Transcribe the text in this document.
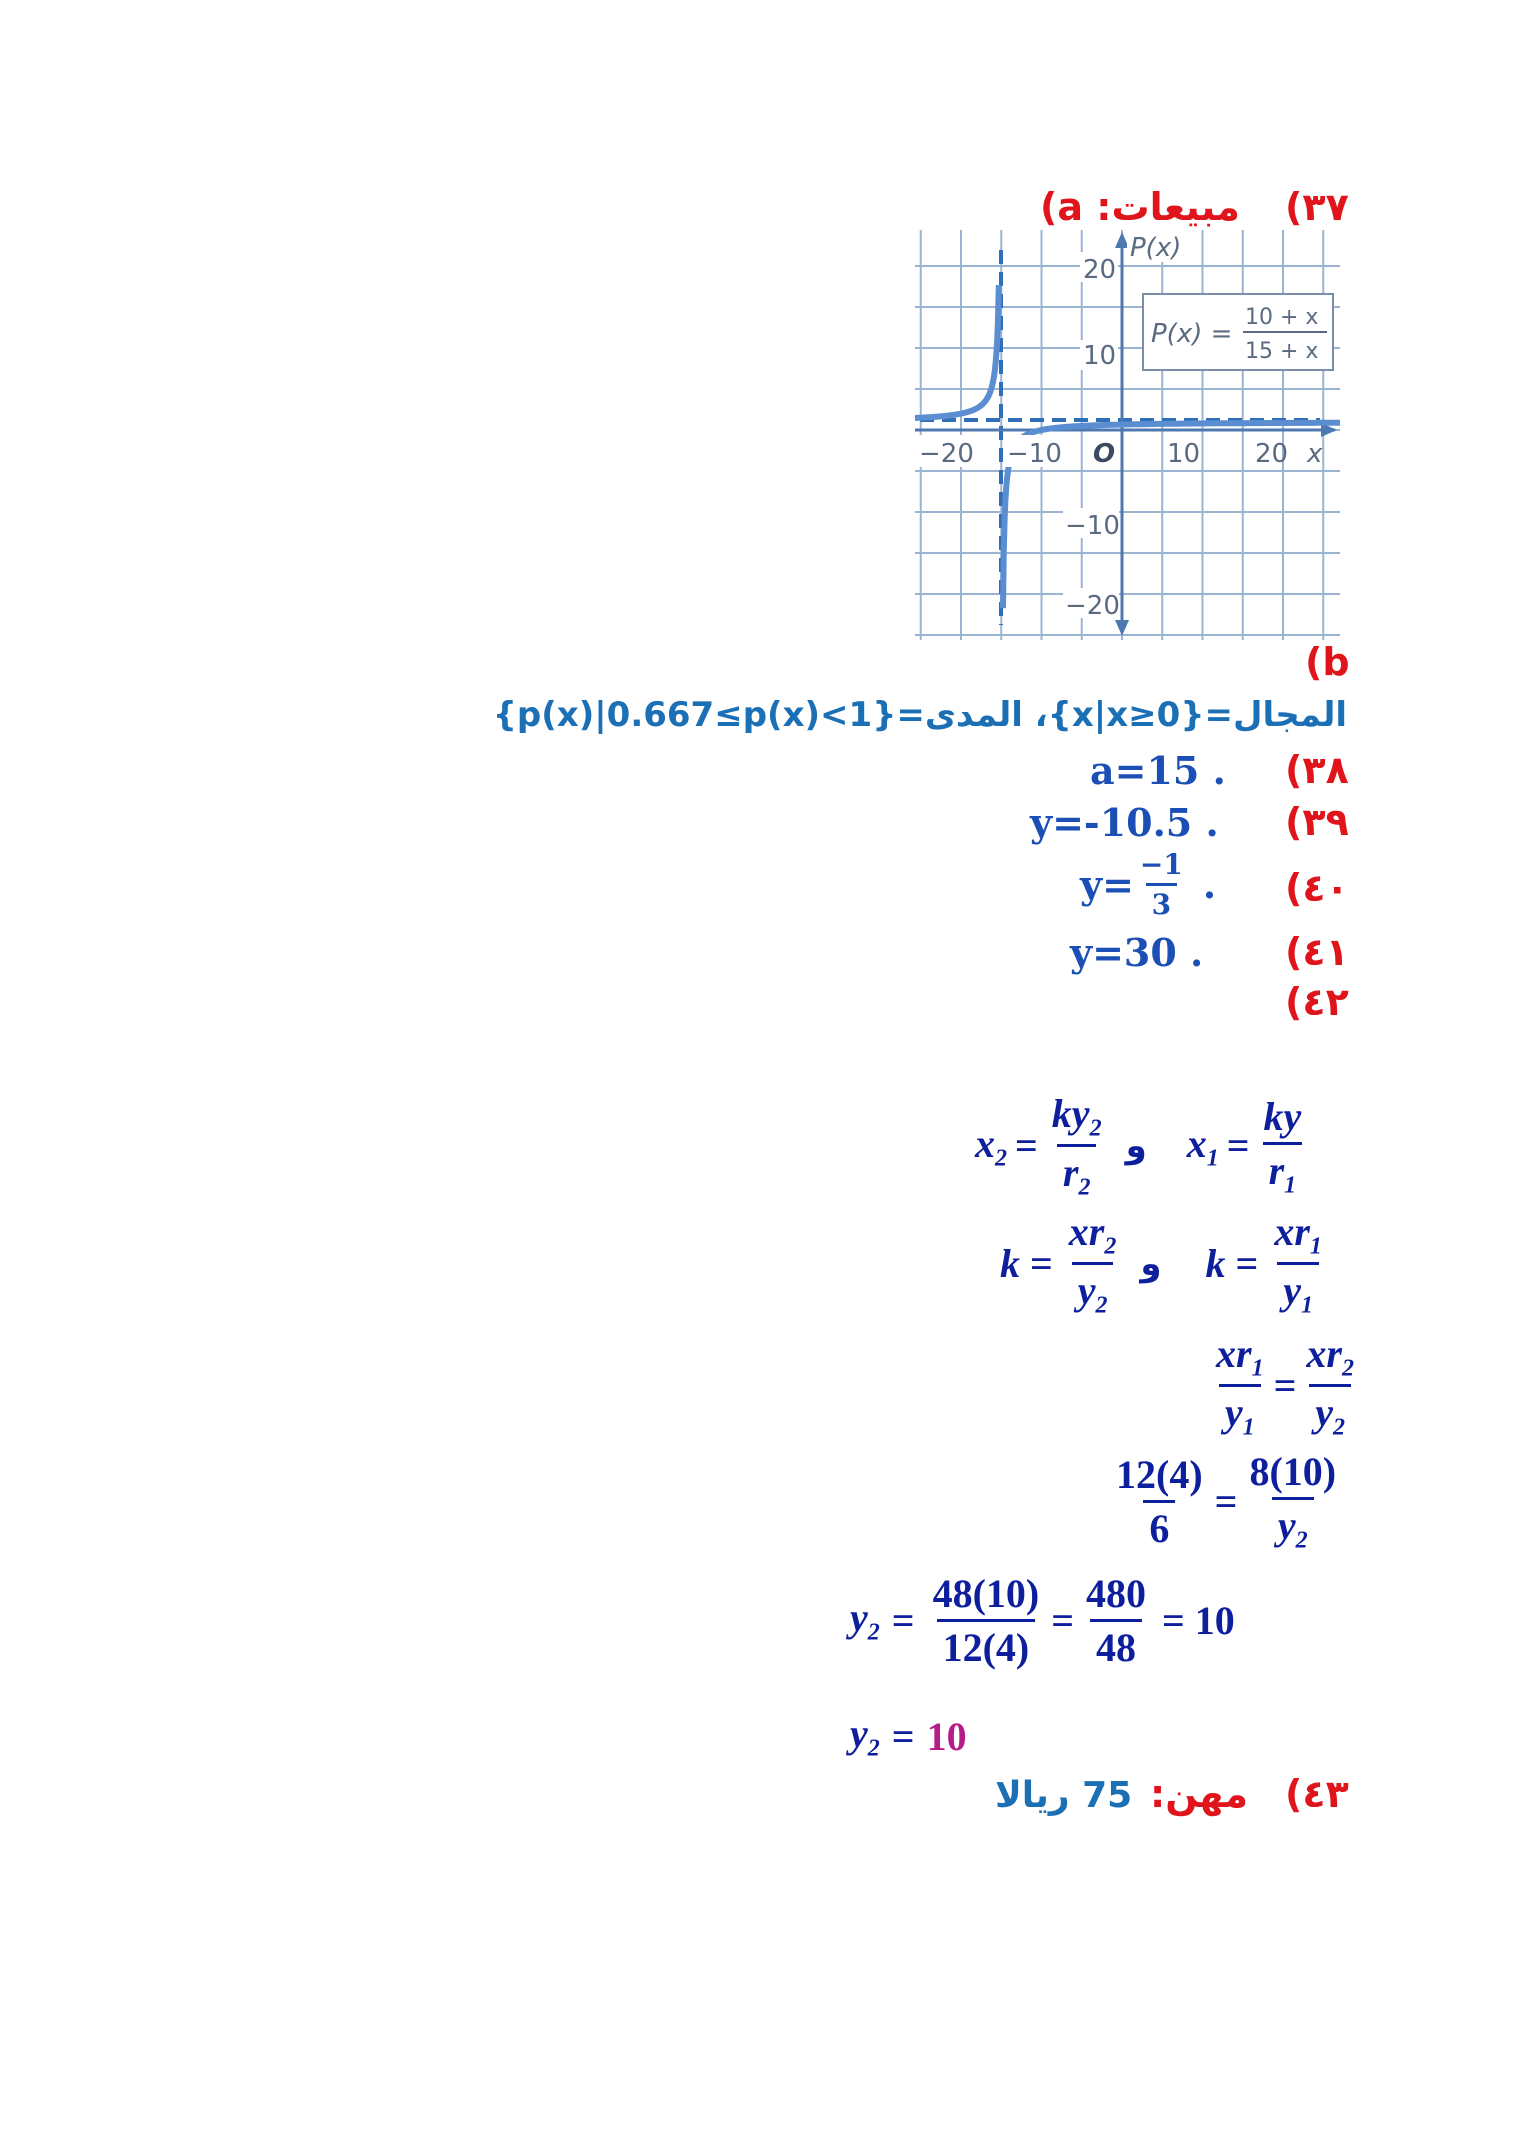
(٣٧
مبيعات: a)
−20 −10 O 10 20 x
20
10
−10
−20
P(x)
P(x) =
10 + x
15 + x
(b
المجال={x|x≥0}، المدى={p(x)|0.667≤p(x)<1}
(٣٨
a=15 .
(٣٩
y=-10.5 .
(٤٠
$y= \frac{-1}{3}$ .
(٤١
y=30 .
(٤٢
$x_2 = \frac{ky_2}{r_2}$ و $x_1 = \frac{ky}{r_1}$
$k = \frac{xr_2}{y_2}$ و $k = \frac{xr_1}{y_1}$
$\frac{xr_1}{y_1} = \frac{xr_2}{y_2}$
$\frac{12(4)}{6} = \frac{8(10)}{y_2}$
$y_2 = \frac{48(10)}{12(4)} = \frac{480}{48} = 10$
$y_2 = 10$
(٤٣
مهن:
75 ريالا
